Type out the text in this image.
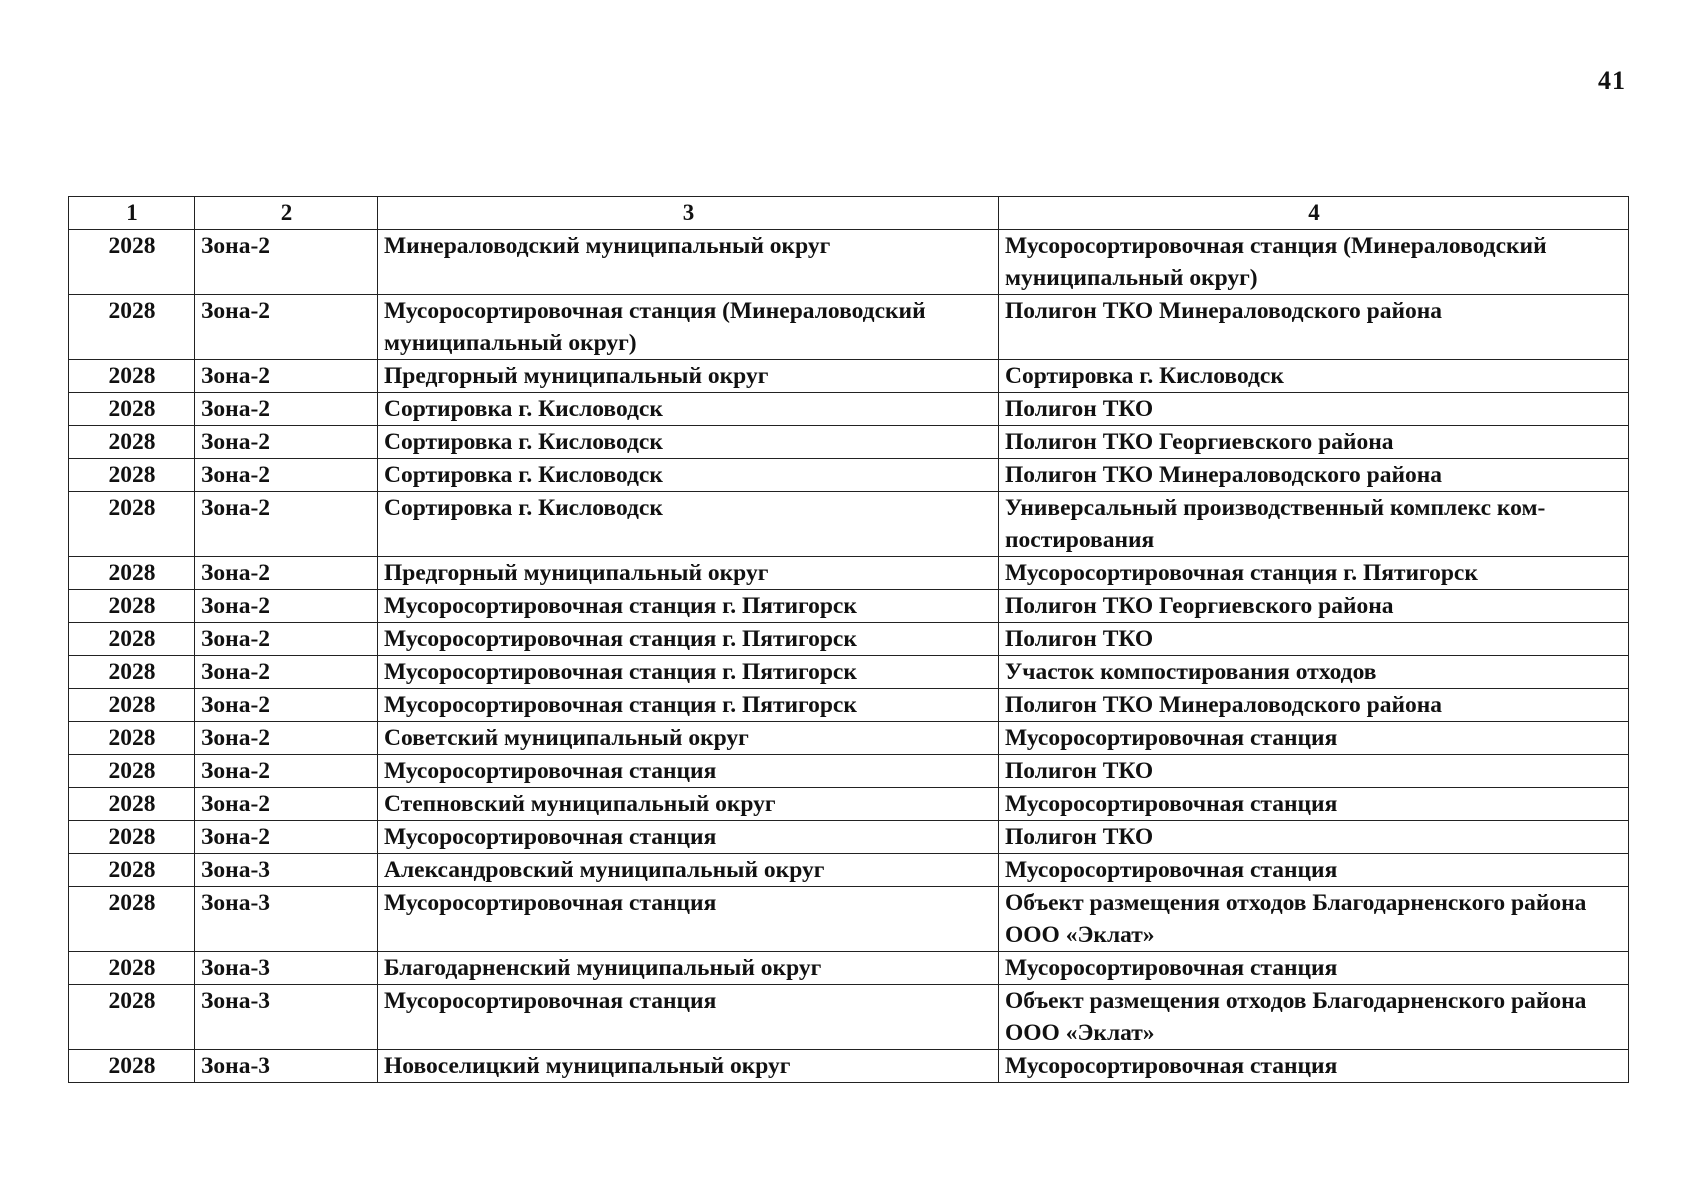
41
1	2	3	4
2028	Зона-2	Минераловодский муниципальный округ	Мусоросортировочная станция (Минераловодский муниципальный округ)
2028	Зона-2	Мусоросортировочная станция (Минераловодский муниципальный округ)	Полигон ТКО Минераловодского района
2028	Зона-2	Предгорный муниципальный округ	Сортировка г. Кисловодск
2028	Зона-2	Сортировка г. Кисловодск	Полигон ТКО
2028	Зона-2	Сортировка г. Кисловодск	Полигон ТКО Георгиевского района
2028	Зона-2	Сортировка г. Кисловодск	Полигон ТКО Минераловодского района
2028	Зона-2	Сортировка г. Кисловодск	Универсальный производственный комплекс ком-постирования
2028	Зона-2	Предгорный муниципальный округ	Мусоросортировочная станция г. Пятигорск
2028	Зона-2	Мусоросортировочная станция г. Пятигорск	Полигон ТКО Георгиевского района
2028	Зона-2	Мусоросортировочная станция г. Пятигорск	Полигон ТКО
2028	Зона-2	Мусоросортировочная станция г. Пятигорск	Участок компостирования отходов
2028	Зона-2	Мусоросортировочная станция г. Пятигорск	Полигон ТКО Минераловодского района
2028	Зона-2	Советский муниципальный округ	Мусоросортировочная станция
2028	Зона-2	Мусоросортировочная станция	Полигон ТКО
2028	Зона-2	Степновский муниципальный округ	Мусоросортировочная станция
2028	Зона-2	Мусоросортировочная станция	Полигон ТКО
2028	Зона-3	Александровский муниципальный округ	Мусоросортировочная станция
2028	Зона-3	Мусоросортировочная станция	Объект размещения отходов Благодарненского района ООО «Эклат»
2028	Зона-3	Благодарненский муниципальный округ	Мусоросортировочная станция
2028	Зона-3	Мусоросортировочная станция	Объект размещения отходов Благодарненского района ООО «Эклат»
2028	Зона-3	Новоселицкий муниципальный округ	Мусоросортировочная станция
